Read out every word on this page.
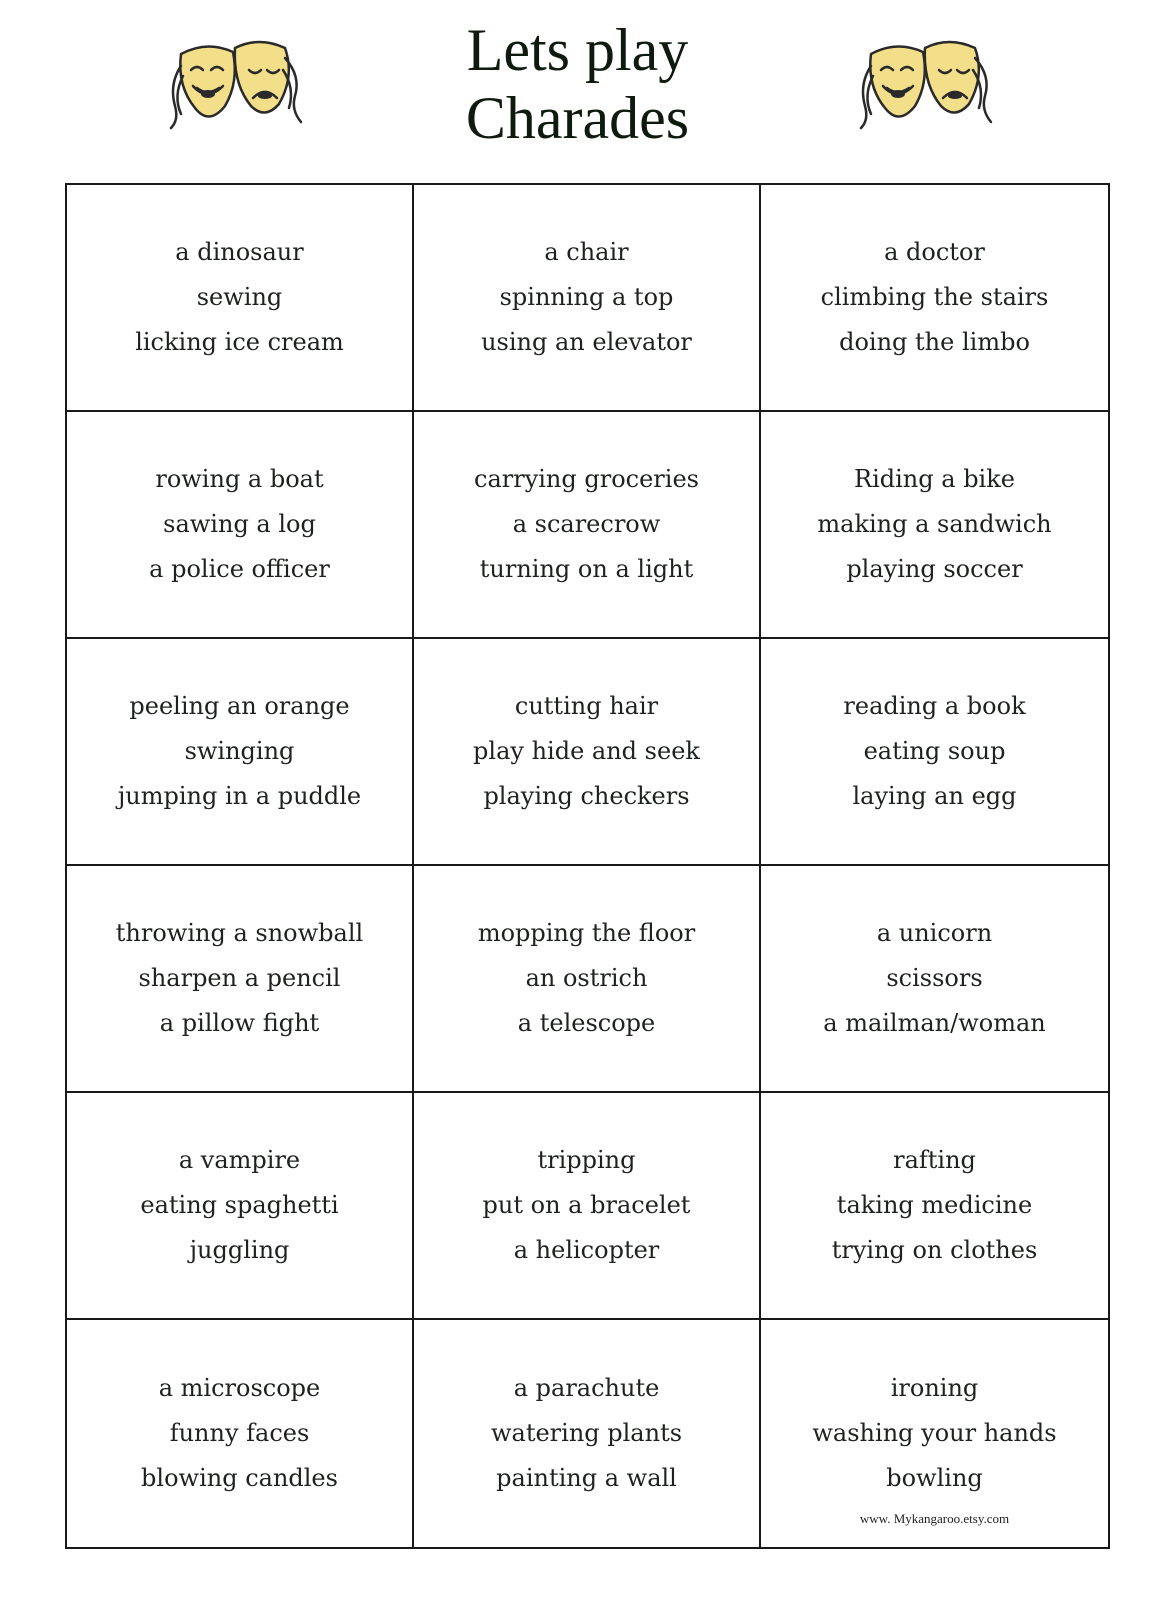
Lets play
Charades
a dinosaur
sewing
licking ice cream
a chair
spinning a top
using an elevator
a doctor
climbing the stairs
doing the limbo
rowing a boat
sawing a log
a police officer
carrying groceries
a scarecrow
turning on a light
Riding a bike
making a sandwich
playing soccer
peeling an orange
swinging
jumping in a puddle
cutting hair
play hide and seek
playing checkers
reading a book
eating soup
laying an egg
throwing a snowball
sharpen a pencil
a pillow fight
mopping the floor
an ostrich
a telescope
a unicorn
scissors
a mailman/woman
a vampire
eating spaghetti
juggling
tripping
put on a bracelet
a helicopter
rafting
taking medicine
trying on clothes
a microscope
funny faces
blowing candles
a parachute
watering plants
painting a wall
ironing
washing your hands
bowling
www. Mykangaroo.etsy.com
